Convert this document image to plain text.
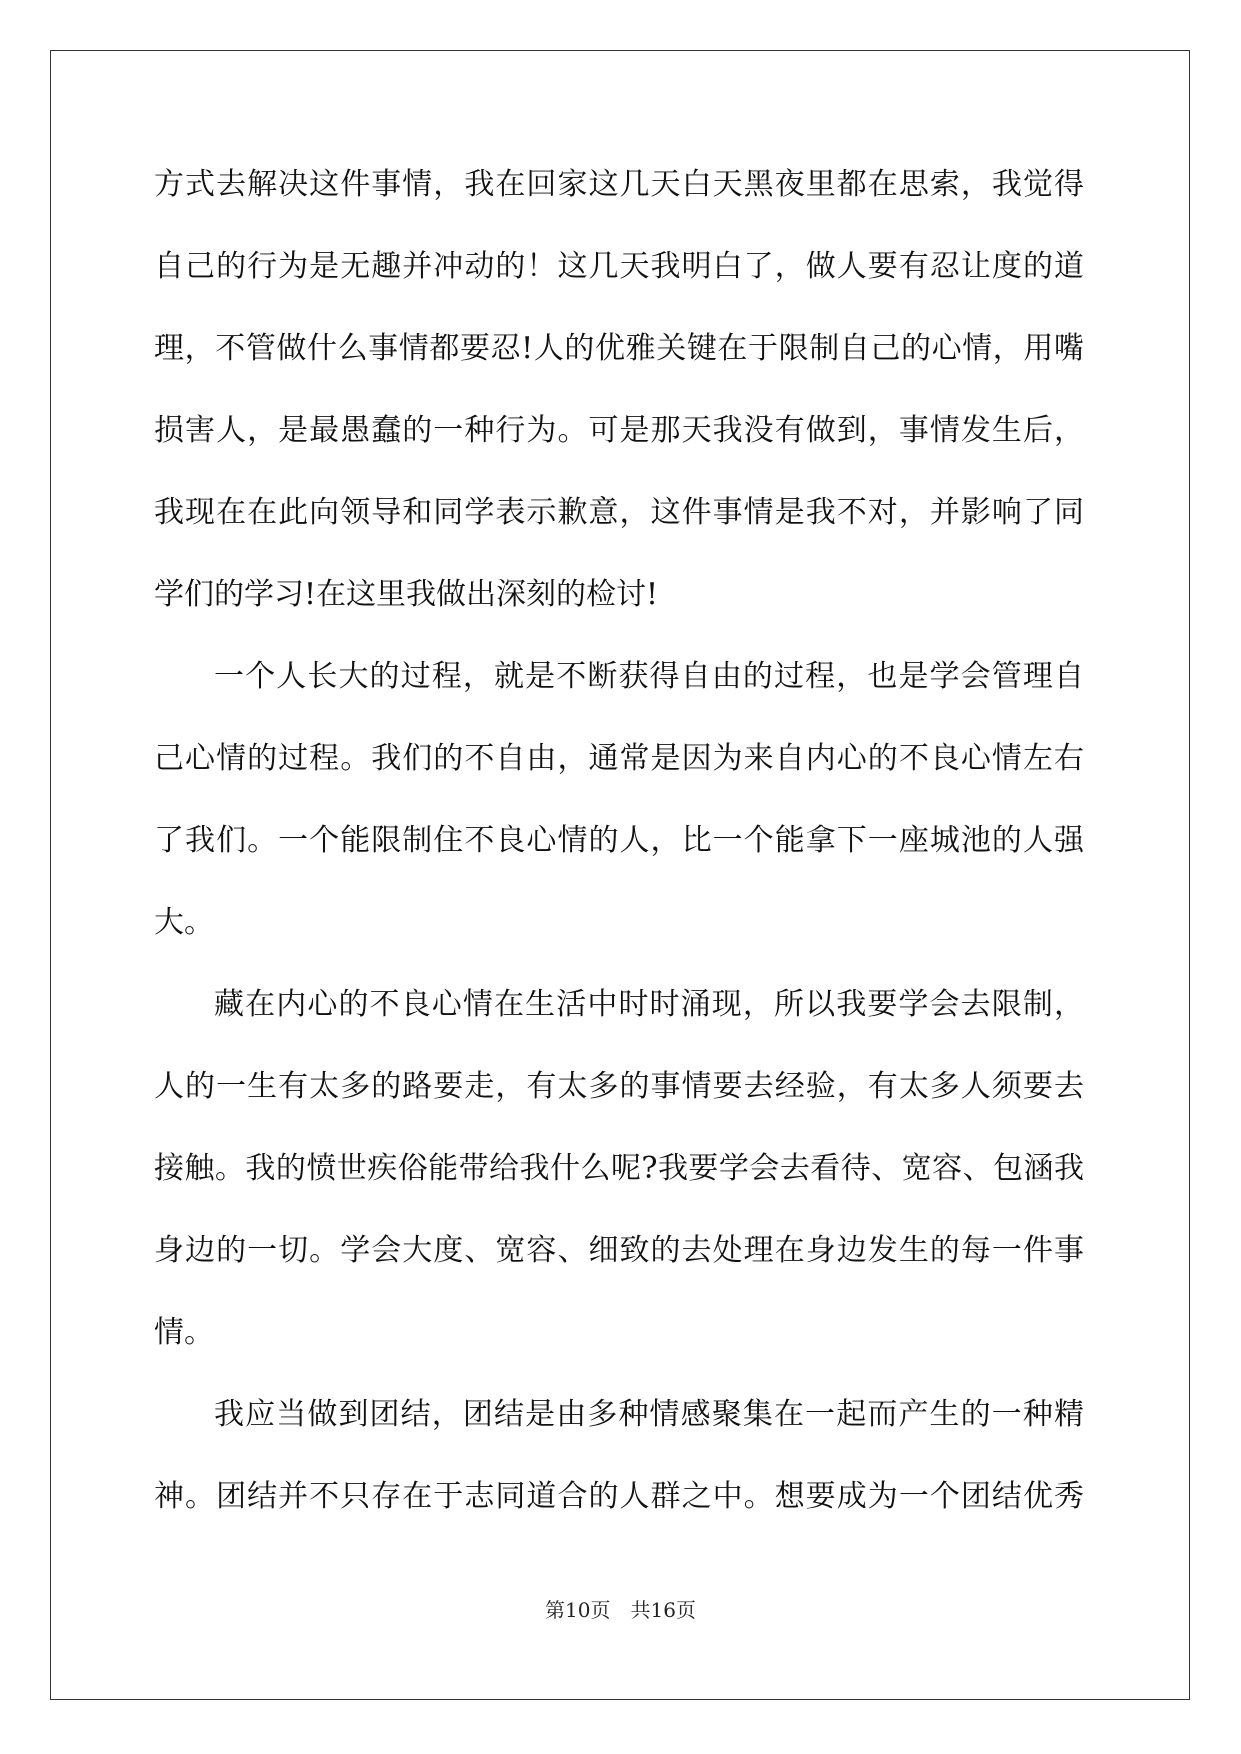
方式去解决这件事情，我在回家这几天白天黑夜里都在思索，我觉得
自己的行为是无趣并冲动的！这几天我明白了，做人要有忍让度的道
理，不管做什么事情都要忍!人的优雅关键在于限制自己的心情，用嘴
损害人，是最愚蠢的一种行为。可是那天我没有做到，事情发生后，
我现在在此向领导和同学表示歉意，这件事情是我不对，并影响了同
学们的学习!在这里我做出深刻的检讨!
一个人长大的过程，就是不断获得自由的过程，也是学会管理自
己心情的过程。我们的不自由，通常是因为来自内心的不良心情左右
了我们。一个能限制住不良心情的人，比一个能拿下一座城池的人强
大。
藏在内心的不良心情在生活中时时涌现，所以我要学会去限制，
人的一生有太多的路要走，有太多的事情要去经验，有太多人须要去
接触。我的愤世疾俗能带给我什么呢?我要学会去看待、宽容、包涵我
身边的一切。学会大度、宽容、细致的去处理在身边发生的每一件事
情。
我应当做到团结，团结是由多种情感聚集在一起而产生的一种精
神。团结并不只存在于志同道合的人群之中。想要成为一个团结优秀
第10页　共16页
